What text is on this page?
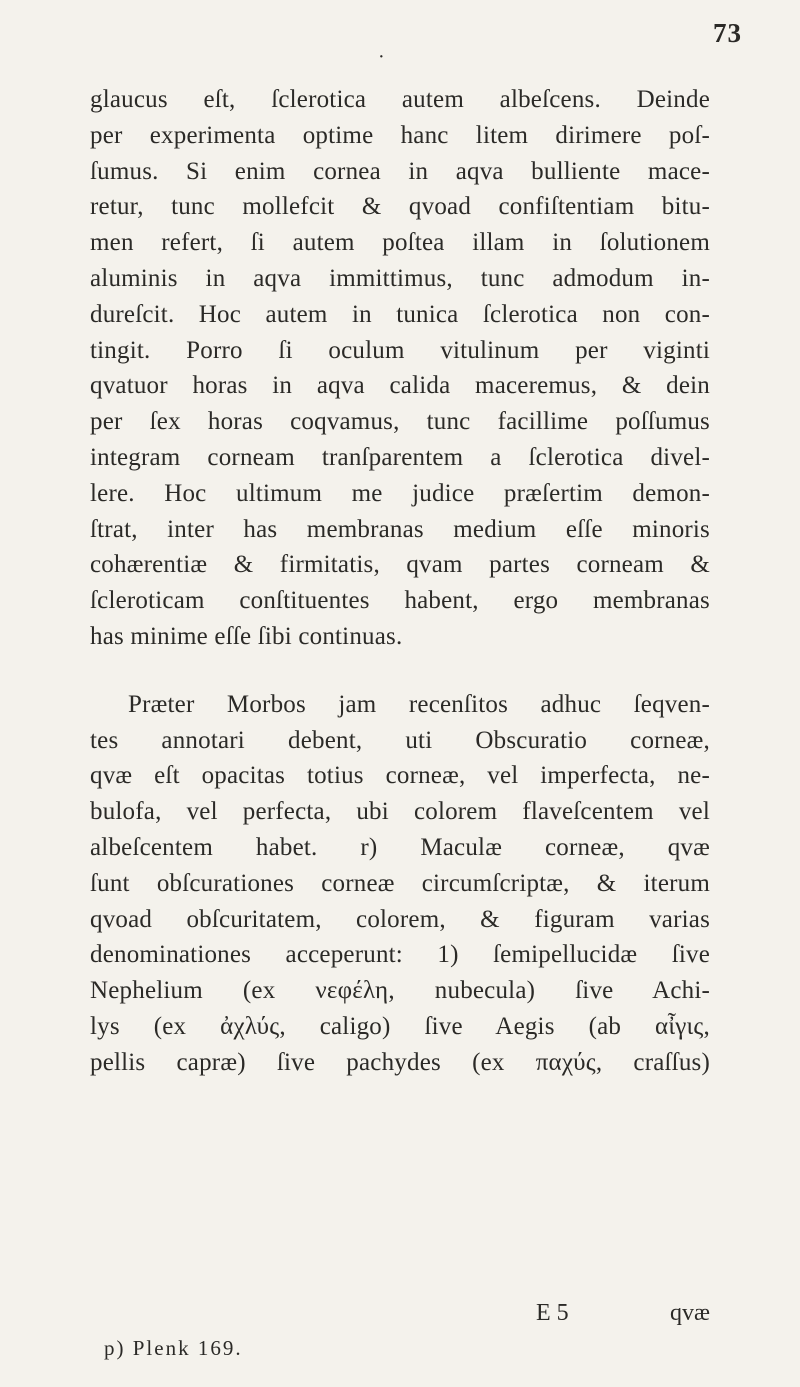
73
·
glaucus eſt, ſclerotica autem albeſcens. Deinde
per experimenta optime hanc litem dirimere poſ-
ſumus. Si enim cornea in aqva bulliente mace-
retur, tunc mollefcit & qvoad confiſtentiam bitu-
men refert, ſi autem poſtea illam in ſolutionem
aluminis in aqva immittimus, tunc admodum in-
dureſcit. Hoc autem in tunica ſclerotica non con-
tingit. Porro ſi oculum vitulinum per viginti
qvatuor horas in aqva calida maceremus, & dein
per ſex horas coqvamus, tunc facillime poſſumus
integram corneam tranſparentem a ſclerotica divel-
lere. Hoc ultimum me judice præſertim demon-
ſtrat, inter has membranas medium eſſe minoris
cohærentiæ & firmitatis, qvam partes corneam &
ſcleroticam conſtituentes habent, ergo membranas
has minime eſſe ſibi continuas.
Præter Morbos jam recenſitos adhuc ſeqven-
tes annotari debent, uti Obscuratio corneæ,
qvæ eſt opacitas totius corneæ, vel imperfecta, ne-
bulofa, vel perfecta, ubi colorem flaveſcentem vel
albeſcentem habet. r) Maculæ corneæ, qvæ
ſunt obſcurationes corneæ circumſcriptæ, & iterum
qvoad obſcuritatem, colorem, & figuram varias
denominationes acceperunt: 1) ſemipellucidæ ſive
Nephelium (ex νεφέλη, nubecula) ſive Achi-
lys (ex ἀχλύς, caligo) ſive Aegis (ab αἶγις,
pellis capræ) ſive pachydes (ex παχύς, craſſus)
E 5	qvæ
p) Plenk 169.
